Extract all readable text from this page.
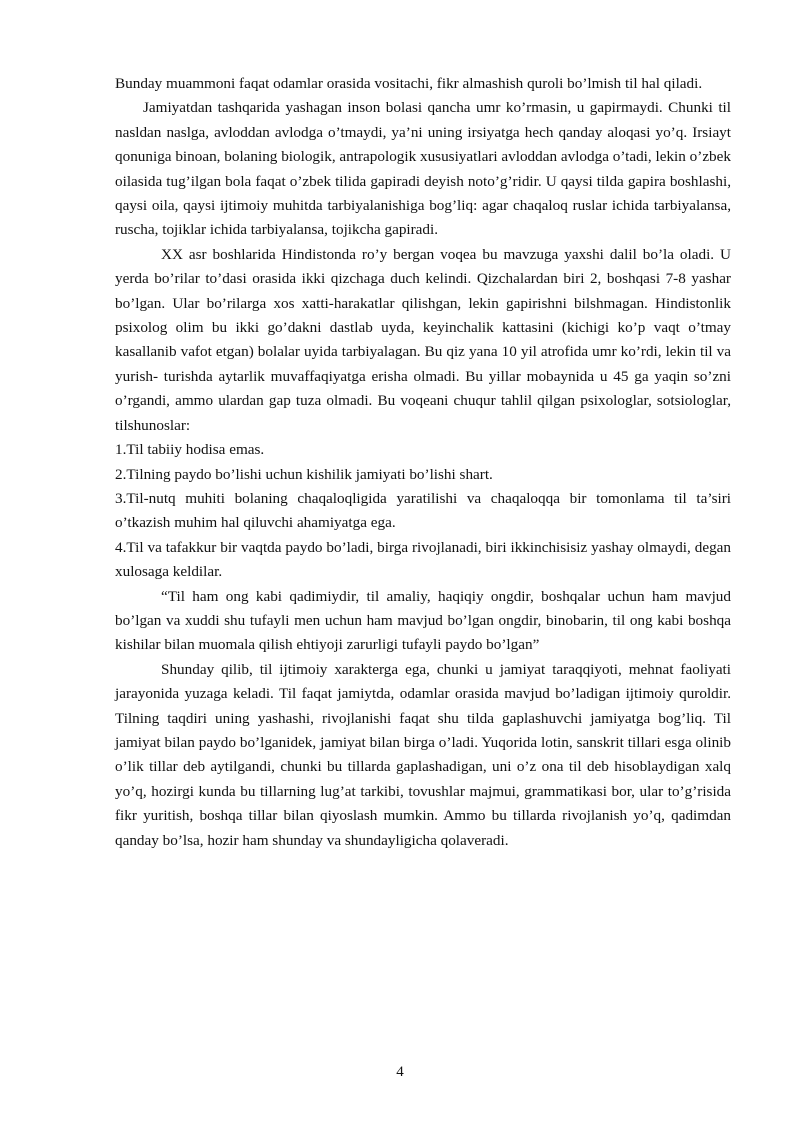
Bunday muammoni faqat odamlar orasida vositachi, fikr almashish quroli bo’lmish til hal qiladi.

Jamiyatdan tashqarida yashagan inson bolasi qancha umr ko’rmasin, u gapirmaydi. Chunki til nasldan naslga, avloddan avlodga o’tmaydi, ya’ni uning irsiyatga hech qanday aloqasi yo’q. Irsiayt qonuniga binoan, bolaning biologik, antrapologik xususiyatlari avloddan avlodga o’tadi, lekin o’zbek oilasida tug’ilgan bola faqat o’zbek tilida gapiradi deyish noto’g’ridir. U qaysi tilda gapira boshlashi, qaysi oila, qaysi ijtimoiy muhitda tarbiyalanishiga bog’liq: agar chaqaloq ruslar ichida tarbiyalansa, ruscha, tojiklar ichida tarbiyalansa, tojikcha gapiradi.

XX asr boshlarida Hindistonda ro’y bergan voqea bu mavzuga yaxshi dalil bo’la oladi. U yerda bo’rilar to’dasi orasida ikki qizchaga duch kelindi. Qizchalardan biri 2, boshqasi 7-8 yashar bo’lgan. Ular bo’rilarga xos xatti-harakatlar qilishgan, lekin gapirishni bilshmagan. Hindistonlik psixolog olim bu ikki go’dakni dastlab uyda, keyinchalik kattasini (kichigi ko’p vaqt o’tmay kasallanib vafot etgan) bolalar uyida tarbiyalagan. Bu qiz yana 10 yil atrofida umr ko’rdi, lekin til va yurish- turishda aytarlik muvaffaqiyatga erisha olmadi. Bu yillar mobaynida u 45 ga yaqin so’zni o’rgandi, ammo ulardan gap tuza olmadi. Bu voqeani chuqur tahlil qilgan psixologlar, sotsiologlar, tilshunoslar:

1.Til tabiiy hodisa emas.

2.Tilning paydo bo’lishi uchun kishilik jamiyati bo’lishi shart.

3.Til-nutq muhiti bolaning chaqaloqligida yaratilishi va chaqaloqqa bir tomonlama til ta’siri o’tkazish muhim hal qiluvchi ahamiyatga ega.

4.Til va tafakkur bir vaqtda paydo bo’ladi, birga rivojlanadi, biri ikkinchisisiz yashay olmaydi, degan xulosaga keldilar.

“Til ham ong kabi qadimiydir, til amaliy, haqiqiy ongdir, boshqalar uchun ham mavjud bo’lgan va xuddi shu tufayli men uchun ham mavjud bo’lgan ongdir, binobarin, til ong kabi boshqa kishilar bilan muomala qilish ehtiyoji zarurligi tufayli paydo bo’lgan”

Shunday qilib, til ijtimoiy xarakterga ega, chunki u jamiyat taraqqiyoti, mehnat faoliyati jarayonida yuzaga keladi. Til faqat jamiytda, odamlar orasida mavjud bo’ladigan ijtimoiy quroldir. Tilning taqdiri uning yashashi, rivojlanishi faqat shu tilda gaplashuvchi jamiyatga bog’liq. Til jamiyat bilan paydo bo’lganidek, jamiyat bilan birga o’ladi. Yuqorida lotin, sanskrit tillari esga olinib o’lik tillar deb aytilgandi, chunki bu tillarda gaplashadigan, uni o’z ona til deb hisoblaydigan xalq yo’q, hozirgi kunda bu tillarning lug’at tarkibi, tovushlar majmui, grammatikasi bor, ular to’g’risida fikr yuritish, boshqa tillar bilan qiyoslash mumkin. Ammo bu tillarda rivojlanish yo’q, qadimdan qanday bo’lsa, hozir ham shunday va shundayligicha qolaveradi.

4
